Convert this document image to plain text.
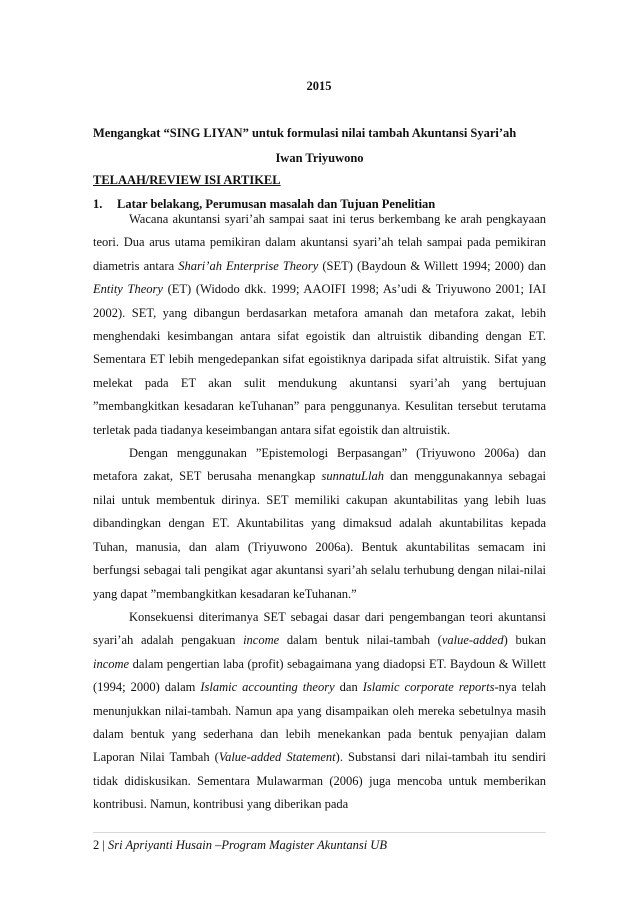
2015
Mengangkat “SING LIYAN” untuk formulasi nilai tambah Akuntansi Syari’ah
Iwan Triyuwono
TELAAH/REVIEW ISI ARTIKEL
1. Latar belakang, Perumusan masalah dan Tujuan Penelitian

Wacana akuntansi syari’ah sampai saat ini terus berkembang ke arah pengkayaan teori. Dua arus utama pemikiran dalam akuntansi syari’ah telah sampai pada pemikiran diametris antara Shari’ah Enterprise Theory (SET) (Baydoun & Willett 1994; 2000) dan Entity Theory (ET) (Widodo dkk. 1999; AAOIFI 1998; As’udi & Triyuwono 2001; IAI 2002). SET, yang dibangun berdasarkan metafora amanah dan metafora zakat, lebih menghendaki kesimbangan antara sifat egoistik dan altruistik dibanding dengan ET. Sementara ET lebih mengedepankan sifat egoistiknya daripada sifat altruistik. Sifat yang melekat pada ET akan sulit mendukung akuntansi syari’ah yang bertujuan ”membangkitkan kesadaran keTuhanan” para penggunanya. Kesulitan tersebut terutama terletak pada tiadanya keseimbangan antara sifat egoistik dan altruistik.

Dengan menggunakan ”Epistemologi Berpasangan” (Triyuwono 2006a) dan metafora zakat, SET berusaha menangkap sunnatuLlah dan menggunakannya sebagai nilai untuk membentuk dirinya. SET memiliki cakupan akuntabilitas yang lebih luas dibandingkan dengan ET. Akuntabilitas yang dimaksud adalah akuntabilitas kepada Tuhan, manusia, dan alam (Triyuwono 2006a). Bentuk akuntabilitas semacam ini berfungsi sebagai tali pengikat agar akuntansi syari’ah selalu terhubung dengan nilai-nilai yang dapat ”membangkitkan kesadaran keTuhanan.”

Konsekuensi diterimanya SET sebagai dasar dari pengembangan teori akuntansi syari’ah adalah pengakuan income dalam bentuk nilai-tambah (value-added) bukan income dalam pengertian laba (profit) sebagaimana yang diadopsi ET. Baydoun & Willett (1994; 2000) dalam Islamic accounting theory dan Islamic corporate reports-nya telah menunjukkan nilai-tambah. Namun apa yang disampaikan oleh mereka sebetulnya masih dalam bentuk yang sederhana dan lebih menekankan pada bentuk penyajian dalam Laporan Nilai Tambah (Value-added Statement). Substansi dari nilai-tambah itu sendiri tidak didiskusikan. Sementara Mulawarman (2006) juga mencoba untuk memberikan kontribusi. Namun, kontribusi yang diberikan pada

2 | Sri Apriyanti Husain –Program Magister Akuntansi UB
